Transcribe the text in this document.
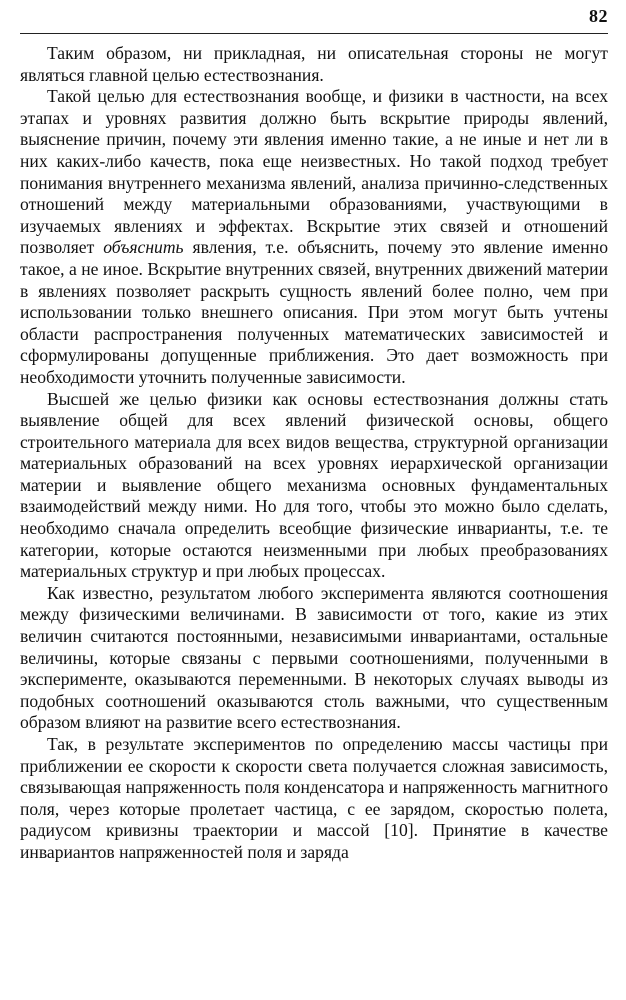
82

Таким образом, ни прикладная, ни описательная стороны не могут являться главной целью естествознания.

Такой целью для естествознания вообще, и физики в частности, на всех этапах и уровнях развития должно быть вскрытие природы явлений, выяснение причин, почему эти явления именно такие, а не иные и нет ли в них каких-либо качеств, пока еще неизвестных. Но такой подход требует понимания внутреннего механизма явлений, анализа причинно-следственных отношений между материальными образованиями, участвующими в изучаемых явлениях и эффектах. Вскрытие этих связей и отношений позволяет объяснить явления, т.е. объяснить, почему это явление именно такое, а не иное. Вскрытие внутренних связей, внутренних движений материи в явлениях позволяет раскрыть сущность явлений более полно, чем при использовании только внешнего описания. При этом могут быть учтены области распространения полученных математических зависимостей и сформулированы допущенные приближения. Это дает возможность при необходимости уточнить полученные зависимости.

Высшей же целью физики как основы естествознания должны стать выявление общей для всех явлений физической основы, общего строительного материала для всех видов вещества, структурной организации материальных образований на всех уровнях иерархической организации материи и выявление общего механизма основных фундаментальных взаимодействий между ними. Но для того, чтобы это можно было сделать, необходимо сначала определить всеобщие физические инварианты, т.е. те категории, которые остаются неизменными при любых преобразованиях материальных структур и при любых процессах.

Как известно, результатом любого эксперимента являются соотношения между физическими величинами. В зависимости от того, какие из этих величин считаются постоянными, независимыми инвариантами, остальные величины, которые связаны с первыми соотношениями, полученными в эксперименте, оказываются переменными. В некоторых случаях выводы из подобных соотношений оказываются столь важными, что существенным образом влияют на развитие всего естествознания.

Так, в результате экспериментов по определению массы частицы при приближении ее скорости к скорости света получается сложная зависимость, связывающая напряженность поля конденсатора и напряженность магнитного поля, через которые пролетает частица, с ее зарядом, скоростью полета, радиусом кривизны траектории и массой [10]. Принятие в качестве инвариантов напряженностей поля и заряда
